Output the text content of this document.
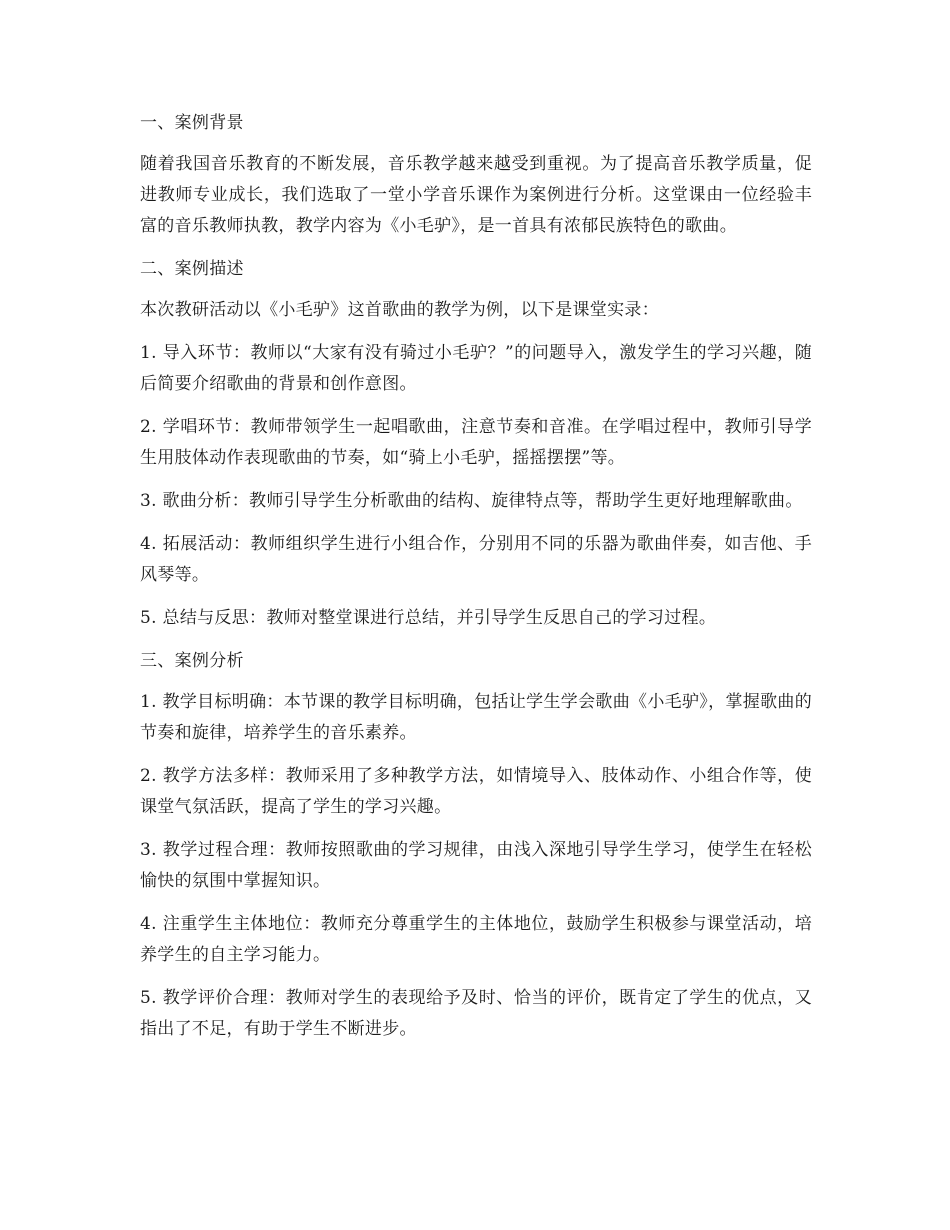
一、案例背景

随着我国音乐教育的不断发展，音乐教学越来越受到重视。为了提高音乐教学质量，促进教师专业成长，我们选取了一堂小学音乐课作为案例进行分析。这堂课由一位经验丰富的音乐教师执教，教学内容为《小毛驴》，是一首具有浓郁民族特色的歌曲。

二、案例描述

本次教研活动以《小毛驴》这首歌曲的教学为例，以下是课堂实录：

1. 导入环节：教师以“大家有没有骑过小毛驴？”的问题导入，激发学生的学习兴趣，随后简要介绍歌曲的背景和创作意图。

2. 学唱环节：教师带领学生一起唱歌曲，注意节奏和音准。在学唱过程中，教师引导学生用肢体动作表现歌曲的节奏，如“骑上小毛驴，摇摇摆摆”等。

3. 歌曲分析：教师引导学生分析歌曲的结构、旋律特点等，帮助学生更好地理解歌曲。

4. 拓展活动：教师组织学生进行小组合作，分别用不同的乐器为歌曲伴奏，如吉他、手风琴等。

5. 总结与反思：教师对整堂课进行总结，并引导学生反思自己的学习过程。

三、案例分析

1. 教学目标明确：本节课的教学目标明确，包括让学生学会歌曲《小毛驴》，掌握歌曲的节奏和旋律，培养学生的音乐素养。

2. 教学方法多样：教师采用了多种教学方法，如情境导入、肢体动作、小组合作等，使课堂气氛活跃，提高了学生的学习兴趣。

3. 教学过程合理：教师按照歌曲的学习规律，由浅入深地引导学生学习，使学生在轻松愉快的氛围中掌握知识。

4. 注重学生主体地位：教师充分尊重学生的主体地位，鼓励学生积极参与课堂活动，培养学生的自主学习能力。

5. 教学评价合理：教师对学生的表现给予及时、恰当的评价，既肯定了学生的优点，又指出了不足，有助于学生不断进步。
